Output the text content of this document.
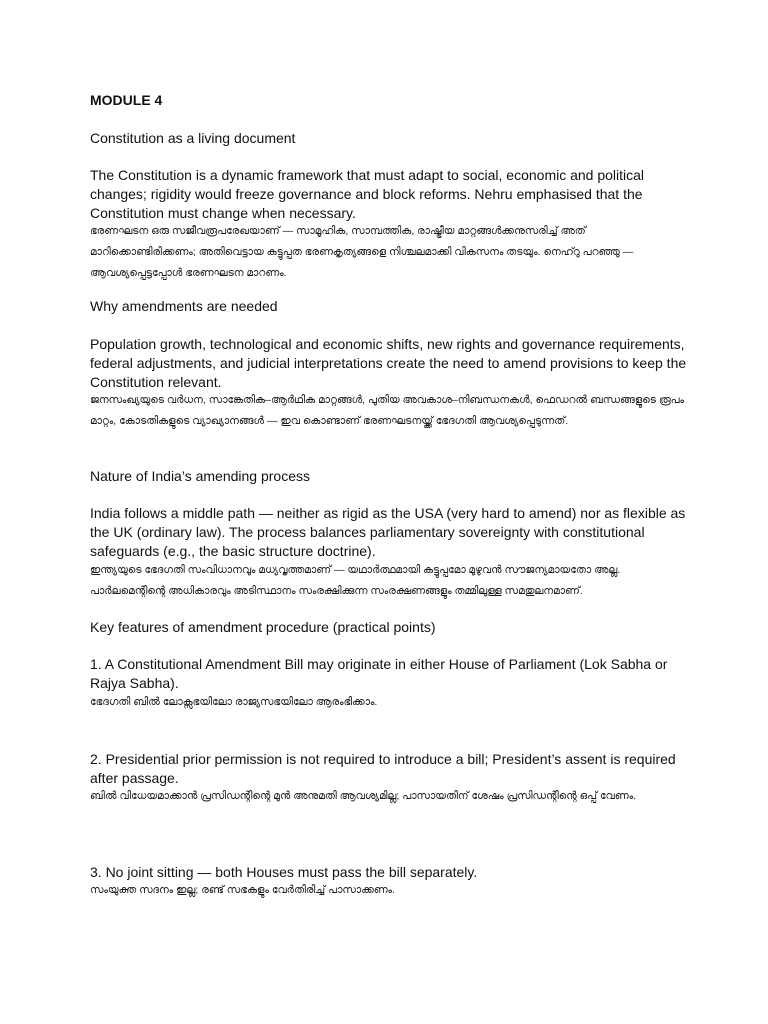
MODULE 4
Constitution as a living document
The Constitution is a dynamic framework that must adapt to social, economic and political changes; rigidity would freeze governance and block reforms. Nehru emphasised that the Constitution must change when necessary.
ഭരണഘടന ഒരു സജീവരൂപരേഖയാണ് — സാമൂഹിക, സാമ്പത്തിക, രാഷ്ട്രീയ മാറ്റങ്ങൾക്കനുസരിച്ച് അത് മാറിക്കൊണ്ടിരിക്കണം; അതിവെട്ടായ കട്ടുപ്പത ഭരണകൃത്യങ്ങളെ നിശ്ചലമാക്കി വികസനം തടയും. നെഹ്റു പറഞ്ഞു — ആവശ്യപ്പെട്ടപ്പോൾ ഭരണഘടന മാറണം.
Why amendments are needed
Population growth, technological and economic shifts, new rights and governance requirements, federal adjustments, and judicial interpretations create the need to amend provisions to keep the Constitution relevant.
ജനസംഖ്യയുടെ വർധന, സാങ്കേതിക–ആർഥിക മാറ്റങ്ങൾ, പുതിയ അവകാശ–നിബന്ധനകൾ, ഫെഡറൽ ബന്ധങ്ങളുടെ രൂപം മാറ്റം, കോടതികളുടെ വ്യാഖ്യാനങ്ങൾ — ഇവ കൊണ്ടാണ് ഭരണഘടനയ്ക്ക് ഭേദഗതി ആവശ്യപ്പെടുന്നത്.
Nature of India’s amending process
India follows a middle path — neither as rigid as the USA (very hard to amend) nor as flexible as the UK (ordinary law). The process balances parliamentary sovereignty with constitutional safeguards (e.g., the basic structure doctrine).
ഇന്ത്യയുടെ ഭേദഗതി സംവിധാനവും മധ്യവൃത്തമാണ് — യഥാർത്ഥമായി കട്ടുപ്പമോ മുഴുവൻ സൗജന്യമായതോ അല്ല. പാർലമെന്റിന്റെ അധികാരവും അടിസ്ഥാനം സംരക്ഷിക്കുന്ന സംരക്ഷണങ്ങളും തമ്മിലുള്ള സമതുലനമാണ്.
Key features of amendment procedure (practical points)
1. A Constitutional Amendment Bill may originate in either House of Parliament (Lok Sabha or Rajya Sabha).
ഭേദഗതി ബിൽ ലോക്സഭയിലോ രാജ്യസഭയിലോ ആരംഭിക്കാം.
2. Presidential prior permission is not required to introduce a bill; President’s assent is required after passage.
ബിൽ വിധേയമാക്കാൻ പ്രസിഡന്റിന്റെ മുൻ അനുമതി ആവശ്യമില്ല; പാസായതിന് ശേഷം പ്രസിഡന്റിന്റെ ഒപ്പ് വേണം.
3. No joint sitting — both Houses must pass the bill separately.
സംയുക്ത സദനം ഇല്ല; രണ്ട് സഭകളും വേർതിരിച്ച് പാസാക്കണം.
